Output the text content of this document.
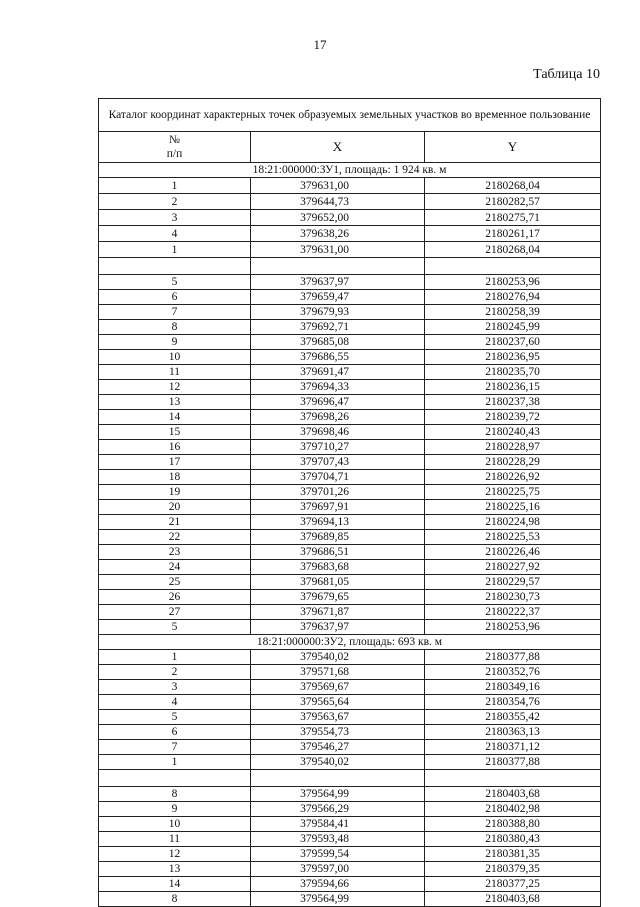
17
Таблица 10
Каталог координат характерных точек образуемых земельных участков во временное пользование		

№
п/п	X	Y
18:21:000000:ЗУ1, площадь: 1 924 кв. м		
1	379631,00	2180268,04
2	379644,73	2180282,57
3	379652,00	2180275,71
4	379638,26	2180261,17
1	379631,00	2180268,04

5	379637,97	2180253,96
6	379659,47	2180276,94
7	379679,93	2180258,39
8	379692,71	2180245,99
9	379685,08	2180237,60
10	379686,55	2180236,95
11	379691,47	2180235,70
12	379694,33	2180236,15
13	379696,47	2180237,38
14	379698,26	2180239,72
15	379698,46	2180240,43
16	379710,27	2180228,97
17	379707,43	2180228,29
18	379704,71	2180226,92
19	379701,26	2180225,75
20	379697,91	2180225,16
21	379694,13	2180224,98
22	379689,85	2180225,53
23	379686,51	2180226,46
24	379683,68	2180227,92
25	379681,05	2180229,57
26	379679,65	2180230,73
27	379671,87	2180222,37
5	379637,97	2180253,96
18:21:000000:ЗУ2, площадь: 693 кв. м		
1	379540,02	2180377,88
2	379571,68	2180352,76
3	379569,67	2180349,16
4	379565,64	2180354,76
5	379563,67	2180355,42
6	379554,73	2180363,13
7	379546,27	2180371,12
1	379540,02	2180377,88

8	379564,99	2180403,68
9	379566,29	2180402,98
10	379584,41	2180388,80
11	379593,48	2180380,43
12	379599,54	2180381,35
13	379597,00	2180379,35
14	379594,66	2180377,25
8	379564,99	2180403,68
